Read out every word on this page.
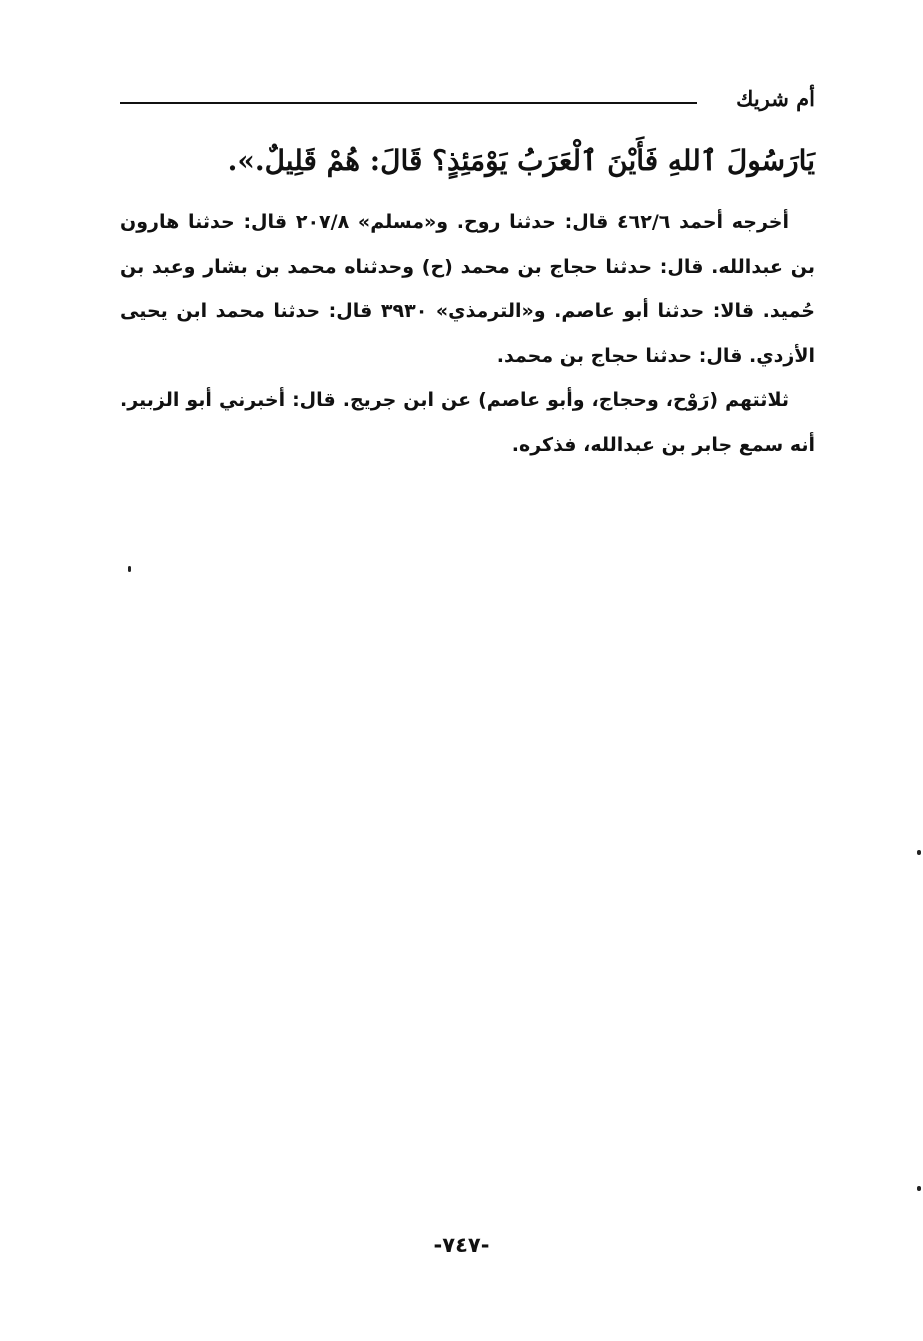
أم شريك
يَارَسُولَ ٱللهِ فَأَيْنَ ٱلْعَرَبُ يَوْمَئِذٍ؟ قَالَ: هُمْ قَلِيلٌ.».

أخرجه أحمد ٤٦٢/٦ قال: حدثنا روح. و«مسلم» ٢٠٧/٨ قال: حدثنا هارون بن عبدالله. قال: حدثنا حجاج بن محمد (ح) وحدثناه محمد بن بشار وعبد بن حُميد. قالا: حدثنا أبو عاصم. و«الترمذي» ٣٩٣٠ قال: حدثنا محمد ابن يحيى الأزدي. قال: حدثنا حجاج بن محمد.

ثلاثتهم (رَوْح، وحجاج، وأبو عاصم) عن ابن جريج. قال: أخبرني أبو الزبير. أنه سمع جابر بن عبدالله، فذكره.

-٧٤٧-
